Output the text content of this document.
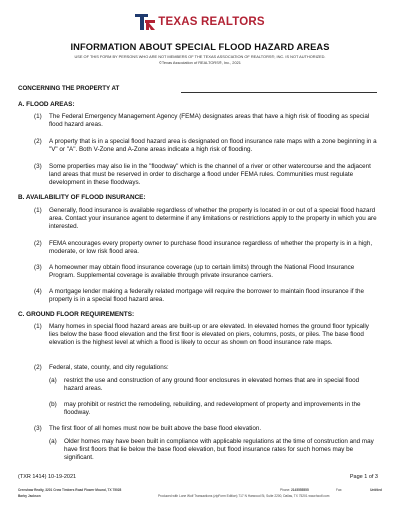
TEXAS REALTORS
INFORMATION ABOUT SPECIAL FLOOD HAZARD AREAS
USE OF THIS FORM BY PERSONS WHO ARE NOT MEMBERS OF THE TEXAS ASSOCIATION OF REALTORS®, INC. IS NOT AUTHORIZED.
©Texas Association of REALTORS®, Inc., 2021
CONCERNING THE PROPERTY AT
A. FLOOD AREAS:
(1) The Federal Emergency Management Agency (FEMA) designates areas that have a high risk of flooding as special flood hazard areas.
(2) A property that is in a special flood hazard area is designated on flood insurance rate maps with a zone beginning in a "V" or "A". Both V-Zone and A-Zone areas indicate a high risk of flooding.
(3) Some properties may also lie in the "floodway" which is the channel of a river or other watercourse and the adjacent land areas that must be reserved in order to discharge a flood under FEMA rules. Communities must regulate development in these floodways.
B. AVAILABILITY OF FLOOD INSURANCE:
(1) Generally, flood insurance is available regardless of whether the property is located in or out of a special flood hazard area. Contact your insurance agent to determine if any limitations or restrictions apply to the property in which you are interested.
(2) FEMA encourages every property owner to purchase flood insurance regardless of whether the property is in a high, moderate, or low risk flood area.
(3) A homeowner may obtain flood insurance coverage (up to certain limits) through the National Flood Insurance Program. Supplemental coverage is available through private insurance carriers.
(4) A mortgage lender making a federally related mortgage will require the borrower to maintain flood insurance if the property is in a special flood hazard area.
C. GROUND FLOOR REQUIREMENTS:
(1) Many homes in special flood hazard areas are built-up or are elevated. In elevated homes the ground floor typically lies below the base flood elevation and the first floor is elevated on piers, columns, posts, or piles. The base flood elevation is the highest level at which a flood is likely to occur as shown on flood insurance rate maps.
(2) Federal, state, county, and city regulations:
(a) restrict the use and construction of any ground floor enclosures in elevated homes that are in special flood hazard areas.
(b) may prohibit or restrict the remodeling, rebuilding, and redevelopment of property and improvements in the floodway.
(3) The first floor of all homes must now be built above the base flood elevation.
(a) Older homes may have been built in compliance with applicable regulations at the time of construction and may have first floors that lie below the base flood elevation, but flood insurance rates for such homes may be significant.
(TXR 1414) 10-19-2021	Page 1 of 3
Crenshaw Realty, 3201 Crow Timbers Road Flower Mound, TX 75028	Phone: 2145555555	Fax:	Untitled
Barby Jackson	Produced with Lone Wolf Transactions (zipForm Edition) 717 N Harwood St, Suite 2200, Dallas, TX 75201 www.lwolf.com
